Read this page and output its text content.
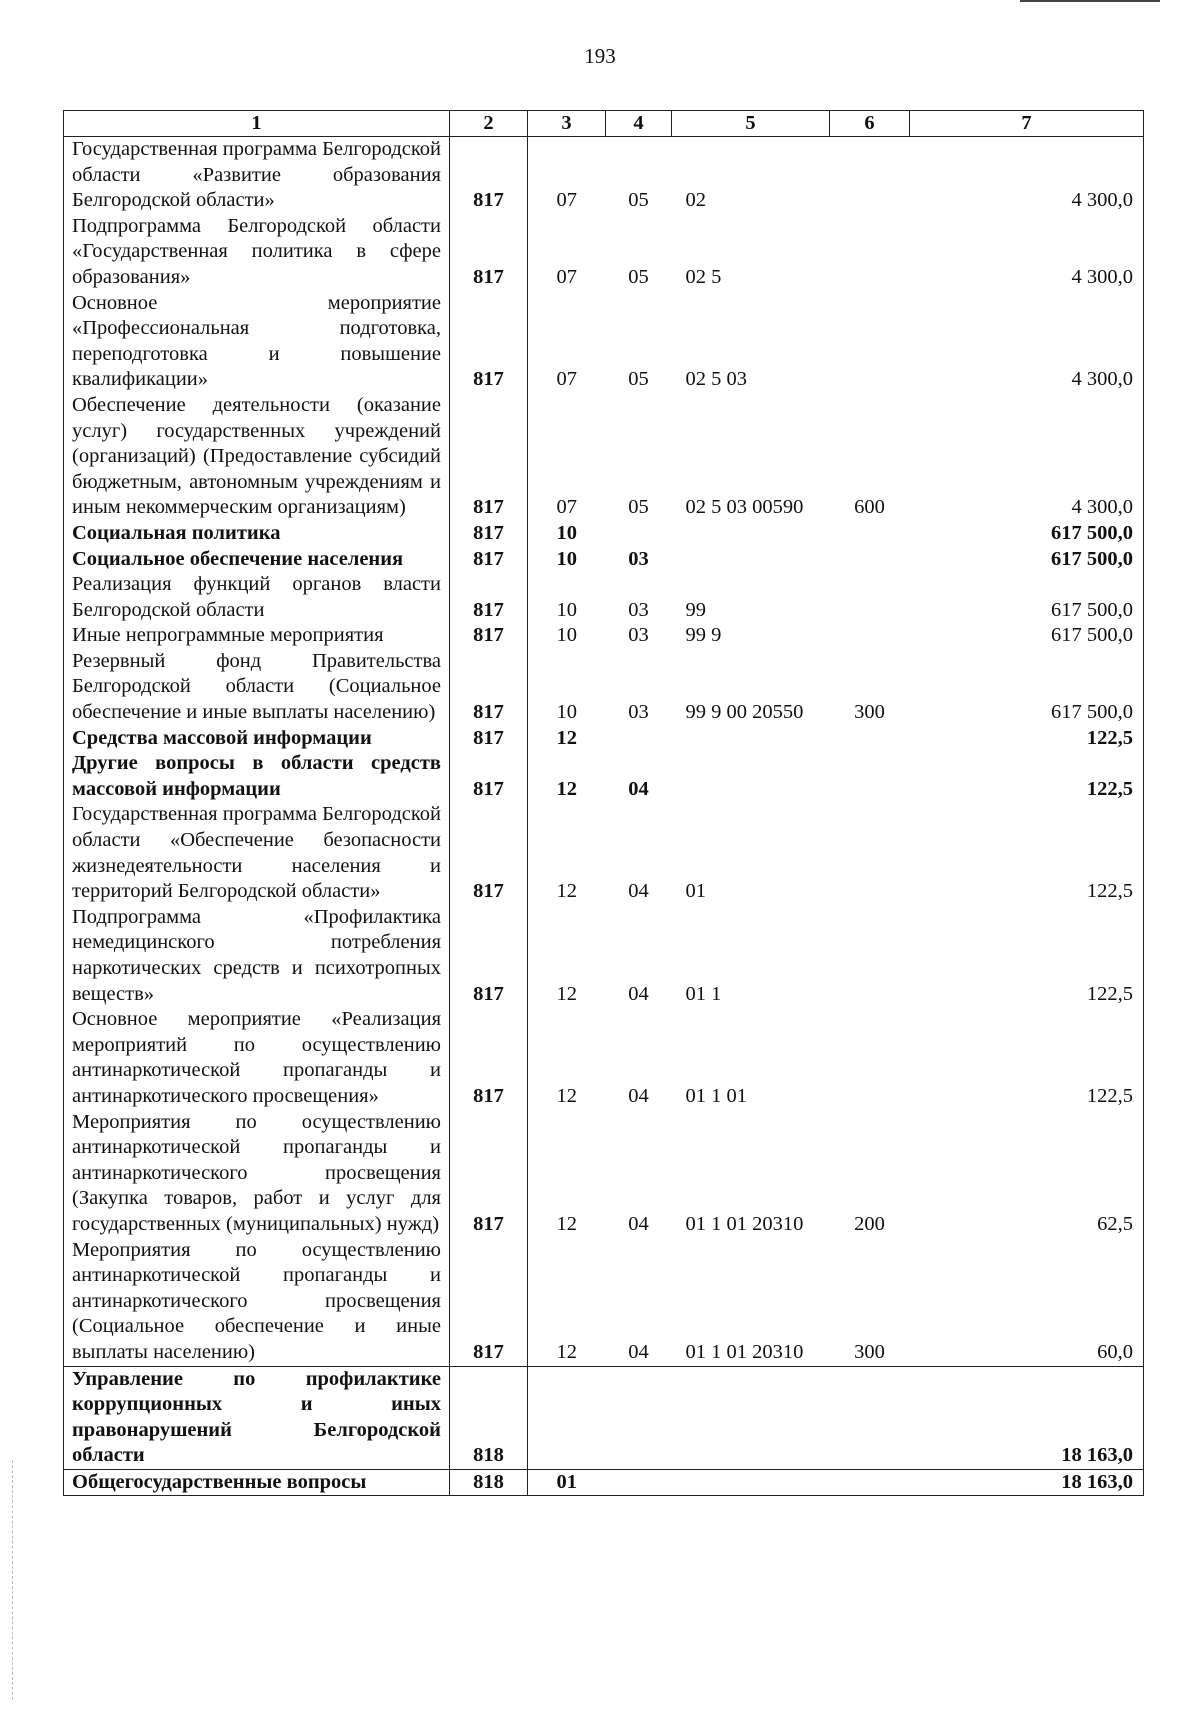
193
1	2	3	4	5	6	7
Государственная программа Белгородской области «Развитие образования Белгородской области»	817	07	05	02		4 300,0
Подпрограмма Белгородской области «Государственная политика в сфере образования»	817	07	05	02 5		4 300,0
Основное мероприятие «Профессиональная подготовка, переподготовка и повышение квалификации»	817	07	05	02 5 03		4 300,0
Обеспечение деятельности (оказание услуг) государственных учреждений (организаций) (Предоставление субсидий бюджетным, автономным учреждениям и иным некоммерческим организациям)	817	07	05	02 5 03 00590	600	4 300,0
Социальная политика	817	10				617 500,0
Социальное обеспечение населения	817	10	03			617 500,0
Реализация функций органов власти Белгородской области	817	10	03	99		617 500,0
Иные непрограммные мероприятия	817	10	03	99 9		617 500,0
Резервный фонд Правительства Белгородской области (Социальное обеспечение и иные выплаты населению)	817	10	03	99 9 00 20550	300	617 500,0
Средства массовой информации	817	12				122,5
Другие вопросы в области средств массовой информации	817	12	04			122,5
Государственная программа Белгородской области «Обеспечение безопасности жизнедеятельности населения и территорий Белгородской области»	817	12	04	01		122,5
Подпрограмма «Профилактика немедицинского потребления наркотических средств и психотропных веществ»	817	12	04	01 1		122,5
Основное мероприятие «Реализация мероприятий по осуществлению антинаркотической пропаганды и антинаркотического просвещения»	817	12	04	01 1 01		122,5
Мероприятия по осуществлению антинаркотической пропаганды и антинаркотического просвещения (Закупка товаров, работ и услуг для государственных (муниципальных) нужд)	817	12	04	01 1 01 20310	200	62,5
Мероприятия по осуществлению антинаркотической пропаганды и антинаркотического просвещения (Социальное обеспечение и иные выплаты населению)	817	12	04	01 1 01 20310	300	60,0
Управление по профилактике коррупционных и иных правонарушений Белгородской области	818					18 163,0
Общегосударственные вопросы	818	01				18 163,0
